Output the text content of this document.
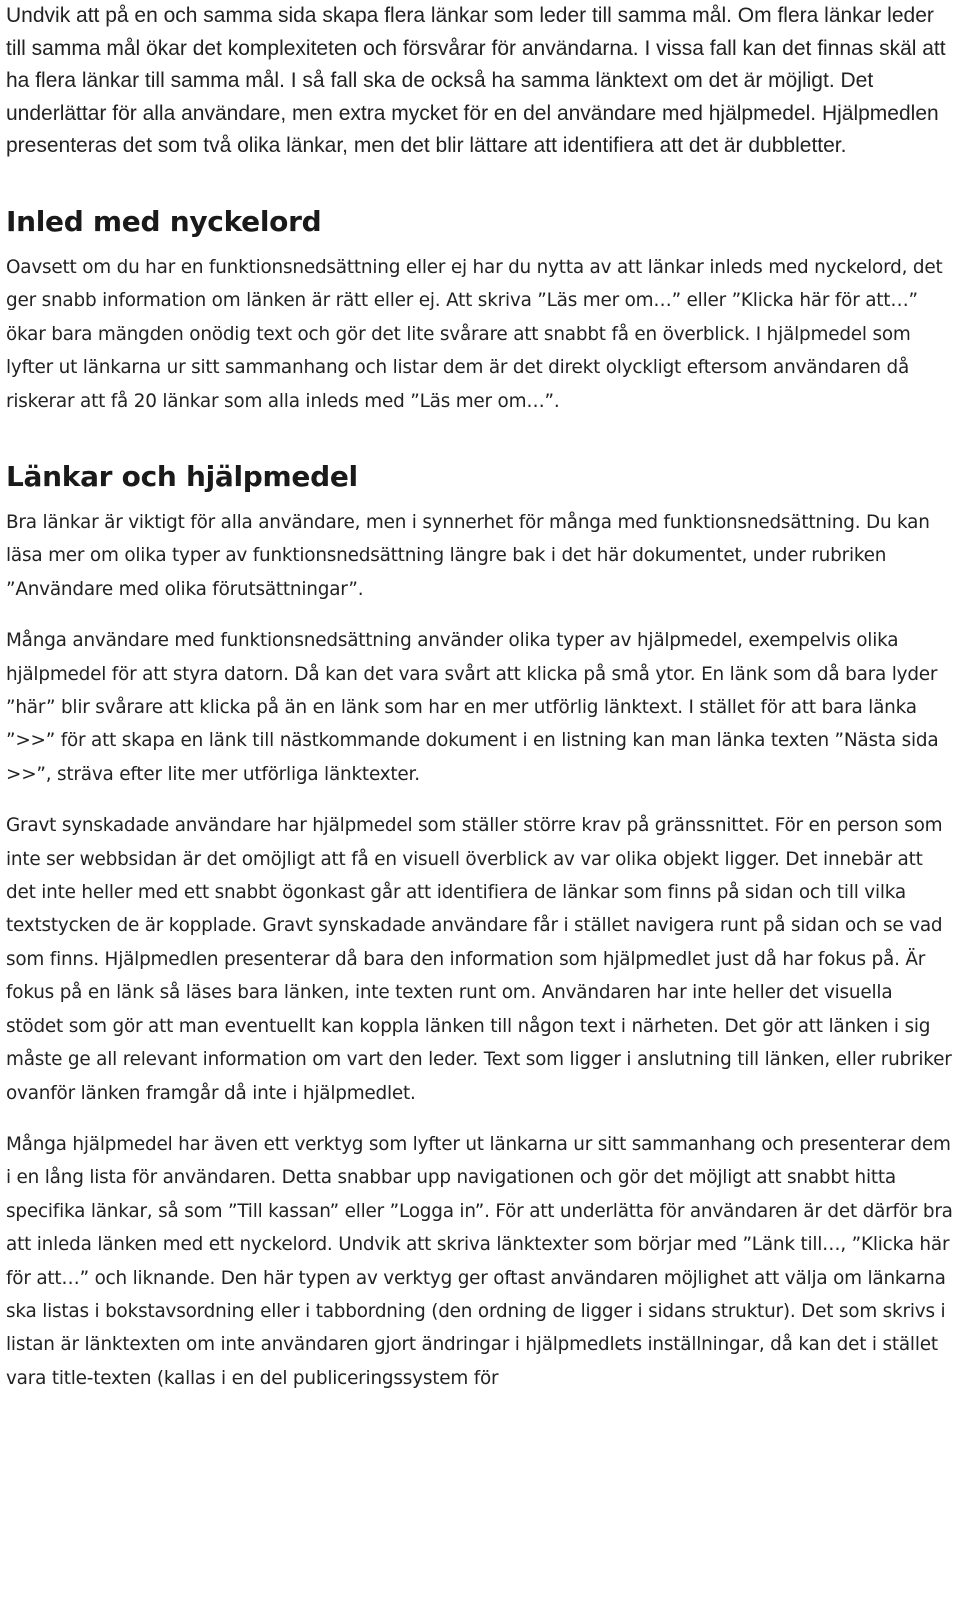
Undvik att på en och samma sida skapa flera länkar som leder till samma mål. Om flera länkar leder till samma mål ökar det komplexiteten och försvårar för användarna. I vissa fall kan det finnas skäl att ha flera länkar till samma mål. I så fall ska de också ha samma länktext om det är möjligt. Det underlättar för alla användare, men extra mycket för en del användare med hjälpmedel. Hjälpmedlen presenteras det som två olika länkar, men det blir lättare att identifiera att det är dubbletter.

Inled med nyckelord

Oavsett om du har en funktionsnedsättning eller ej har du nytta av att länkar inleds med nyckelord, det ger snabb information om länken är rätt eller ej. Att skriva ”Läs mer om…” eller ”Klicka här för att…” ökar bara mängden onödig text och gör det lite svårare att snabbt få en överblick. I hjälpmedel som lyfter ut länkarna ur sitt sammanhang och listar dem är det direkt olyckligt eftersom användaren då riskerar att få 20 länkar som alla inleds med ”Läs mer om…”.

Länkar och hjälpmedel

Bra länkar är viktigt för alla användare, men i synnerhet för många med funktionsnedsättning. Du kan läsa mer om olika typer av funktionsnedsättning längre bak i det här dokumentet, under rubriken ”Användare med olika förutsättningar”.

Många användare med funktionsnedsättning använder olika typer av hjälpmedel, exempelvis olika hjälpmedel för att styra datorn. Då kan det vara svårt att klicka på små ytor. En länk som då bara lyder ”här” blir svårare att klicka på än en länk som har en mer utförlig länktext. I stället för att bara länka ”>>” för att skapa en länk till nästkommande dokument i en listning kan man länka texten ”Nästa sida >>”, sträva efter lite mer utförliga länktexter.

Gravt synskadade användare har hjälpmedel som ställer större krav på gränssnittet. För en person som inte ser webbsidan är det omöjligt att få en visuell överblick av var olika objekt ligger. Det innebär att det inte heller med ett snabbt ögonkast går att identifiera de länkar som finns på sidan och till vilka textstycken de är kopplade. Gravt synskadade användare får i stället navigera runt på sidan och se vad som finns. Hjälpmedlen presenterar då bara den information som hjälpmedlet just då har fokus på. Är fokus på en länk så läses bara länken, inte texten runt om. Användaren har inte heller det visuella stödet som gör att man eventuellt kan koppla länken till någon text i närheten. Det gör att länken i sig måste ge all relevant information om vart den leder. Text som ligger i anslutning till länken, eller rubriker ovanför länken framgår då inte i hjälpmedlet.

Många hjälpmedel har även ett verktyg som lyfter ut länkarna ur sitt sammanhang och presenterar dem i en lång lista för användaren. Detta snabbar upp navigationen och gör det möjligt att snabbt hitta specifika länkar, så som ”Till kassan” eller ”Logga in”. För att underlätta för användaren är det därför bra att inleda länken med ett nyckelord. Undvik att skriva länktexter som börjar med ”Länk till…, ”Klicka här för att…” och liknande. Den här typen av verktyg ger oftast användaren möjlighet att välja om länkarna ska listas i bokstavsordning eller i tabbordning (den ordning de ligger i sidans struktur). Det som skrivs i listan är länktexten om inte användaren gjort ändringar i hjälpmedlets inställningar, då kan det i stället vara title-texten (kallas i en del publiceringssystem för
